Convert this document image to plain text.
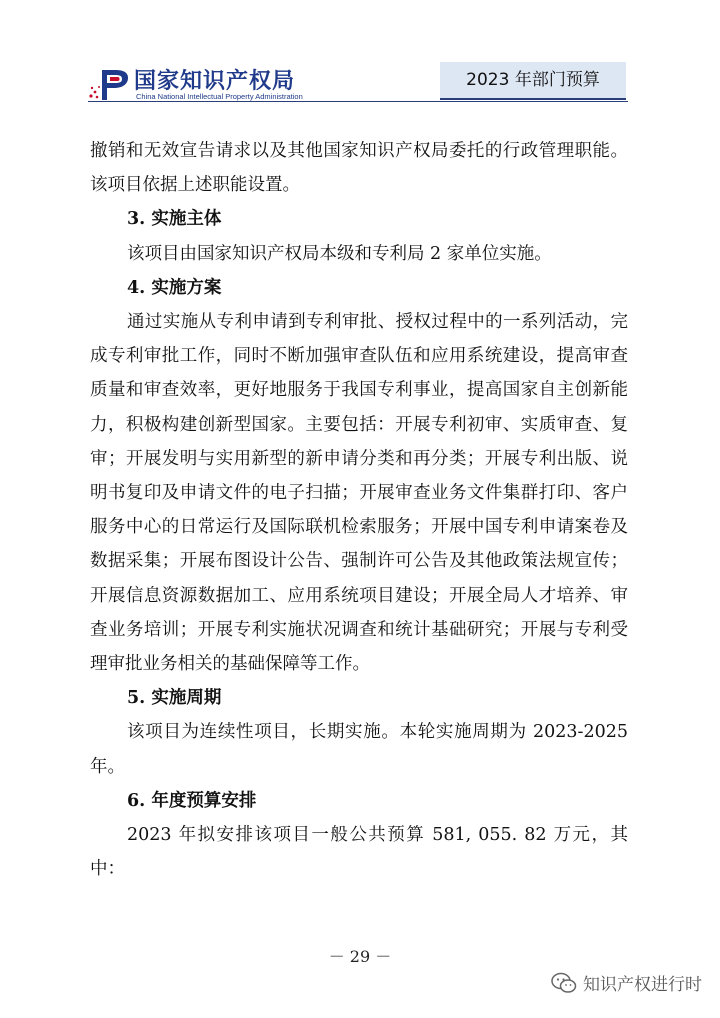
国家知识产权局
China National Intellectual Property Administration
2023 年部门预算

撤销和无效宣告请求以及其他国家知识产权局委托的行政管理职能。该项目依据上述职能设置。

3. 实施主体

该项目由国家知识产权局本级和专利局 2 家单位实施。

4. 实施方案

通过实施从专利申请到专利审批、授权过程中的一系列活动，完成专利审批工作，同时不断加强审查队伍和应用系统建设，提高审查质量和审查效率，更好地服务于我国专利事业，提高国家自主创新能力，积极构建创新型国家。主要包括：开展专利初审、实质审查、复审；开展发明与实用新型的新申请分类和再分类；开展专利出版、说明书复印及申请文件的电子扫描；开展审查业务文件集群打印、客户服务中心的日常运行及国际联机检索服务；开展中国专利申请案卷及数据采集；开展布图设计公告、强制许可公告及其他政策法规宣传；开展信息资源数据加工、应用系统项目建设；开展全局人才培养、审查业务培训；开展专利实施状况调查和统计基础研究；开展与专利受理审批业务相关的基础保障等工作。

5. 实施周期

该项目为连续性项目，长期实施。本轮实施周期为 2023-2025 年。

6. 年度预算安排

2023 年拟安排该项目一般公共预算 581, 055. 82 万元，其中：

－ 29 －
知识产权进行时
